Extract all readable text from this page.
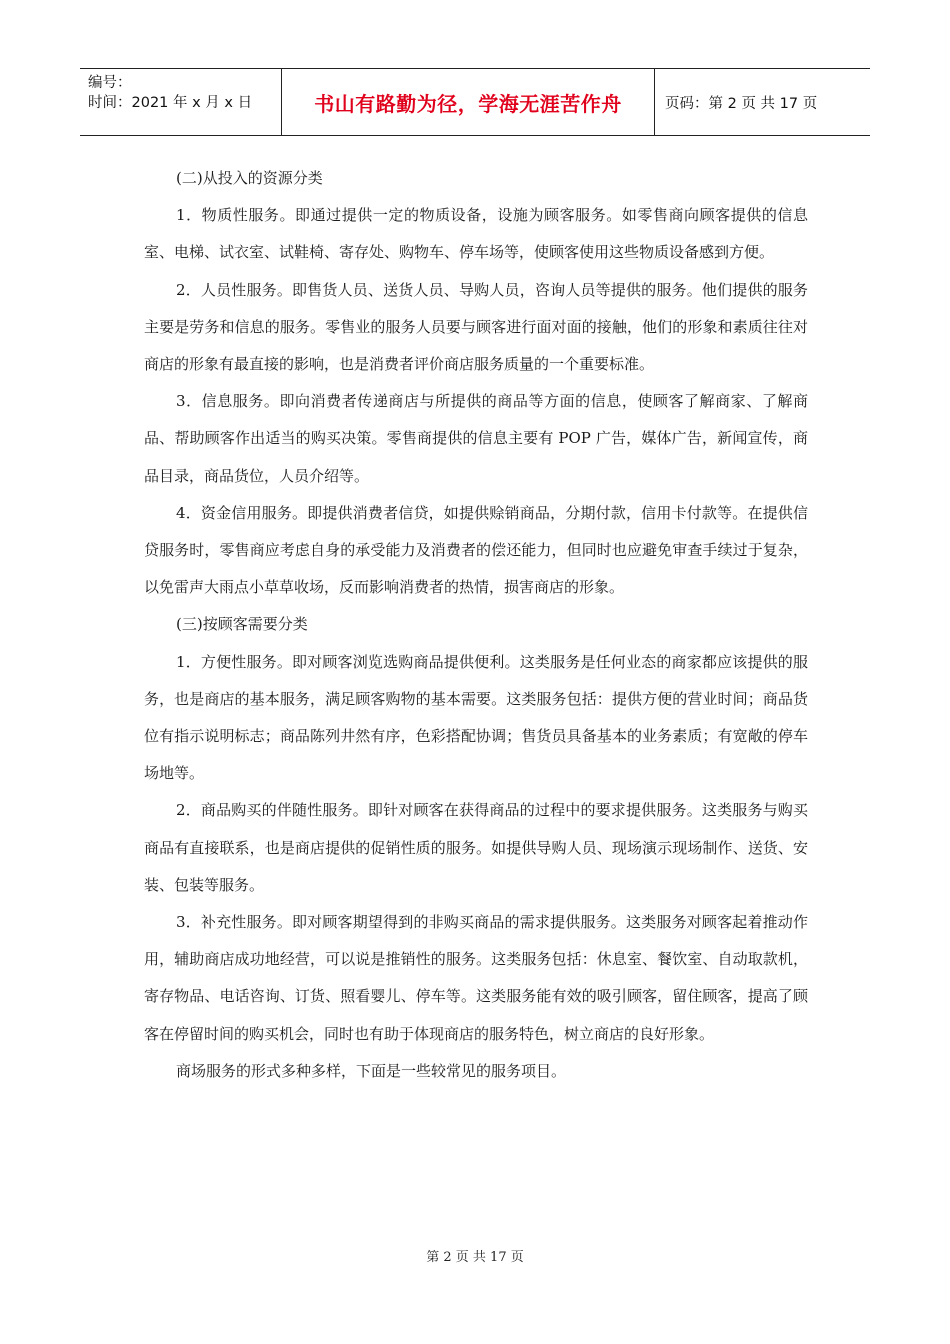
编号：
时间：2021 年 x 月 x 日	书山有路勤为径，学海无涯苦作舟	页码：第 2 页 共 17 页

(二)从投入的资源分类

1．物质性服务。即通过提供一定的物质设备，设施为顾客服务。如零售商向顾客提供的信息室、电梯、试衣室、试鞋椅、寄存处、购物车、停车场等，使顾客使用这些物质设备感到方便。

2．人员性服务。即售货人员、送货人员、导购人员，咨询人员等提供的服务。他们提供的服务主要是劳务和信息的服务。零售业的服务人员要与顾客进行面对面的接触，他们的形象和素质往往对商店的形象有最直接的影响，也是消费者评价商店服务质量的一个重要标准。

3．信息服务。即向消费者传递商店与所提供的商品等方面的信息，使顾客了解商家、了解商品、帮助顾客作出适当的购买决策。零售商提供的信息主要有 POP 广告，媒体广告，新闻宣传，商品目录，商品货位，人员介绍等。

4．资金信用服务。即提供消费者信贷，如提供赊销商品，分期付款，信用卡付款等。在提供信贷服务时，零售商应考虑自身的承受能力及消费者的偿还能力，但同时也应避免审查手续过于复杂，以免雷声大雨点小草草收场，反而影响消费者的热情，损害商店的形象。

(三)按顾客需要分类

1．方便性服务。即对顾客浏览选购商品提供便利。这类服务是任何业态的商家都应该提供的服务，也是商店的基本服务，满足顾客购物的基本需要。这类服务包括：提供方便的营业时间；商品货位有指示说明标志；商品陈列井然有序，色彩搭配协调；售货员具备基本的业务素质；有宽敞的停车场地等。

2．商品购买的伴随性服务。即针对顾客在获得商品的过程中的要求提供服务。这类服务与购买商品有直接联系，也是商店提供的促销性质的服务。如提供导购人员、现场演示现场制作、送货、安装、包装等服务。

3．补充性服务。即对顾客期望得到的非购买商品的需求提供服务。这类服务对顾客起着推动作用，辅助商店成功地经营，可以说是推销性的服务。这类服务包括：休息室、餐饮室、自动取款机，寄存物品、电话咨询、订货、照看婴儿、停车等。这类服务能有效的吸引顾客，留住顾客，提高了顾客在停留时间的购买机会，同时也有助于体现商店的服务特色，树立商店的良好形象。

商场服务的形式多种多样，下面是一些较常见的服务项目。

第 2 页 共 17 页
